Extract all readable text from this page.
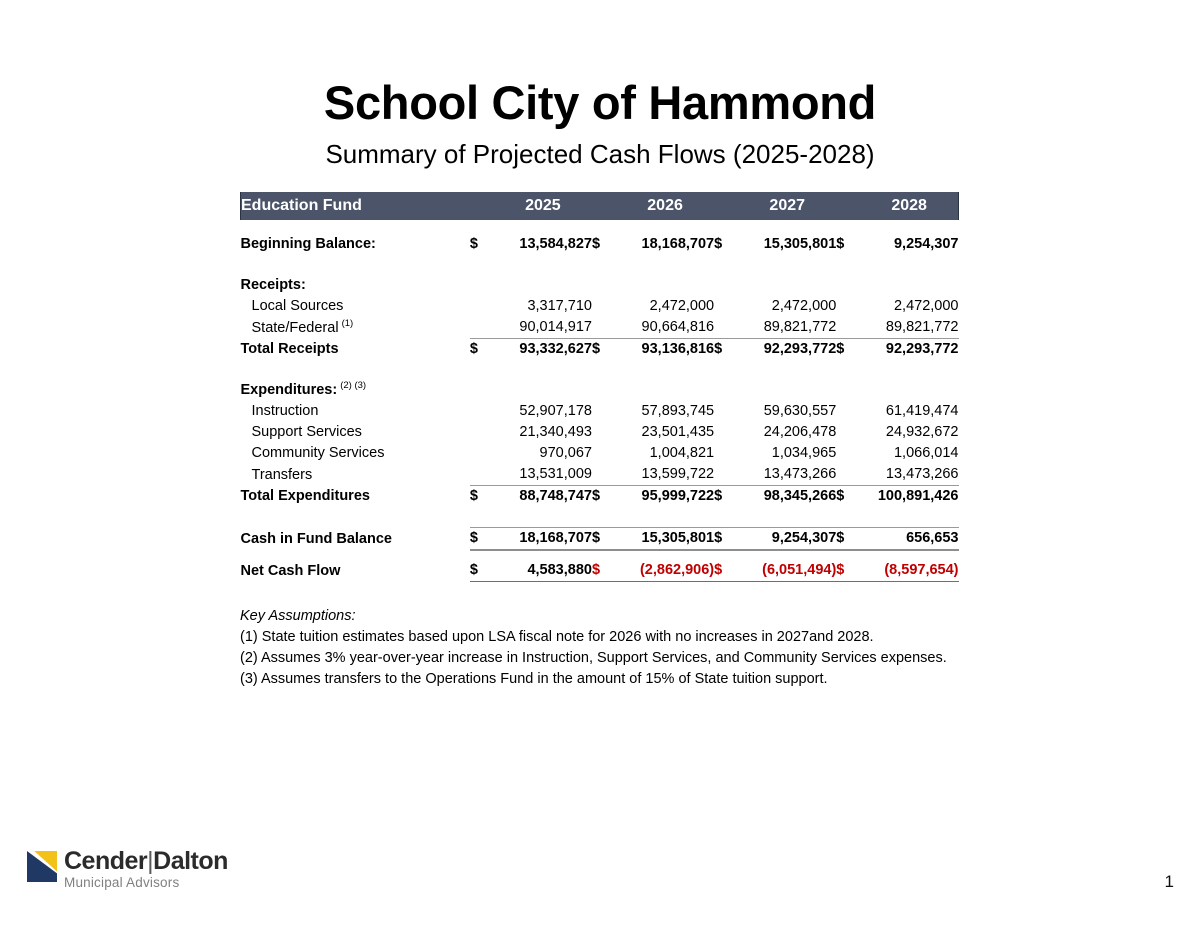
School City of Hammond
Summary of Projected Cash Flows (2025-2028)
Education Fund		2025		2026		2027		2028

Beginning Balance:	$	13,584,827	$	18,168,707	$	15,305,801	$	9,254,307

Receipts:								
Local Sources		3,317,710		2,472,000		2,472,000		2,472,000
State/Federal $^{(1)}$		90,014,917		90,664,816		89,821,772		89,821,772
Total Receipts	$	93,332,627	$	93,136,816	$	92,293,772	$	92,293,772

Expenditures: $^{(2) (3)}$	
Instruction		52,907,178		57,893,745		59,630,557		61,419,474
Support Services		21,340,493		23,501,435		24,206,478		24,932,672
Community Services		970,067		1,004,821		1,034,965		1,066,014
Transfers		13,531,009		13,599,722		13,473,266		13,473,266
Total Expenditures	$	88,748,747	$	95,999,722	$	98,345,266	$	100,891,426

Cash in Fund Balance	$	18,168,707	$	15,305,801	$	9,254,307	$	656,653

Net Cash Flow	$	4,583,880	$	(2,862,906)	$	(6,051,494)	$	(8,597,654)
Key Assumptions:
(1) State tuition estimates based upon LSA fiscal note for 2026 with no increases in 2027and 2028.
(2) Assumes 3% year-over-year increase in Instruction, Support Services, and Community Services expenses.
(3) Assumes transfers to the Operations Fund in the amount of 15% of State tuition support.
Cender|Dalton
Municipal Advisors	1
